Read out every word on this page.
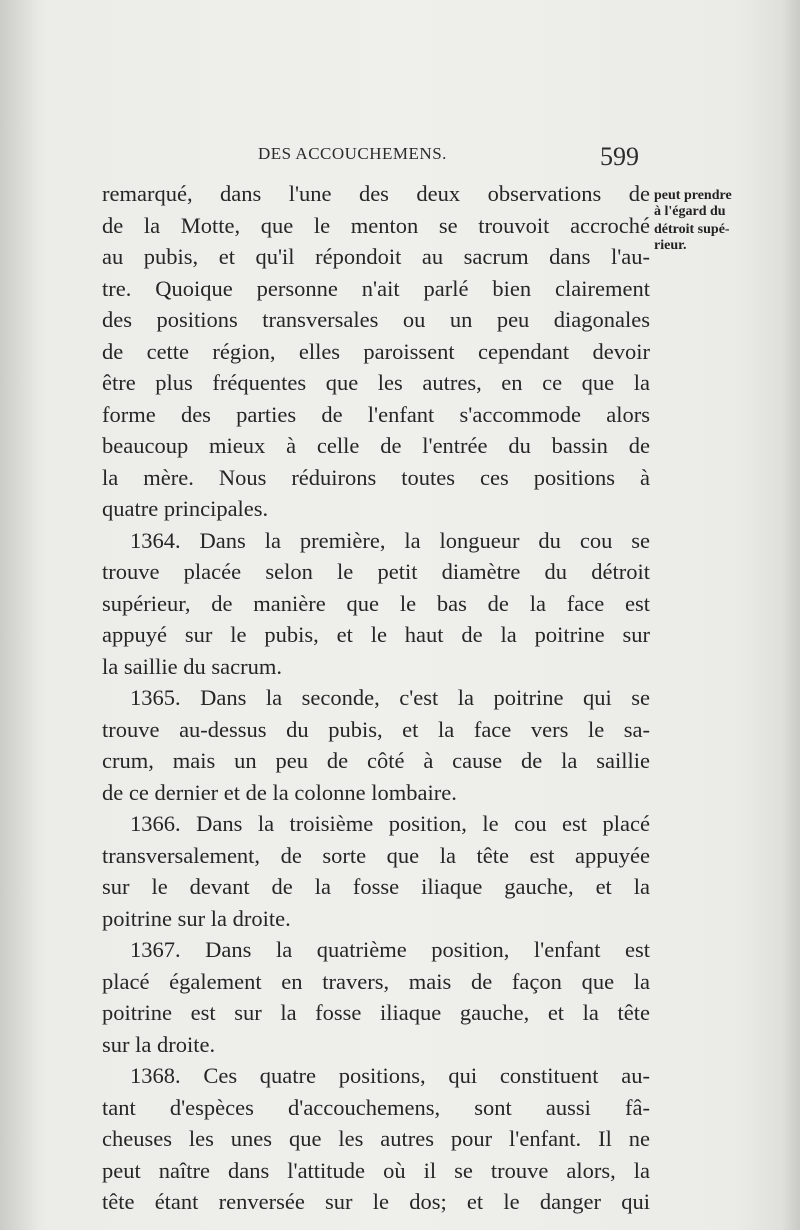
DES ACCOUCHEMENS.	599
remarqué, dans l'une des deux observations de
de la Motte, que le menton se trouvoit accroché
au pubis, et qu'il répondoit au sacrum dans l'au-
tre. Quoique personne n'ait parlé bien clairement
des positions transversales ou un peu diagonales
de cette région, elles paroissent cependant devoir
être plus fréquentes que les autres, en ce que la
forme des parties de l'enfant s'accommode alors
beaucoup mieux à celle de l'entrée du bassin de
la mère. Nous réduirons toutes ces positions à
quatre principales.
1364. Dans la première, la longueur du cou se
trouve placée selon le petit diamètre du détroit
supérieur, de manière que le bas de la face est
appuyé sur le pubis, et le haut de la poitrine sur
la saillie du sacrum.
1365. Dans la seconde, c'est la poitrine qui se
trouve au-dessus du pubis, et la face vers le sa-
crum, mais un peu de côté à cause de la saillie
de ce dernier et de la colonne lombaire.
1366. Dans la troisième position, le cou est placé
transversalement, de sorte que la tête est appuyée
sur le devant de la fosse iliaque gauche, et la
poitrine sur la droite.
1367. Dans la quatrième position, l'enfant est
placé également en travers, mais de façon que la
poitrine est sur la fosse iliaque gauche, et la tête
sur la droite.
1368. Ces quatre positions, qui constituent au-
tant d'espèces d'accouchemens, sont aussi fâ-
cheuses les unes que les autres pour l'enfant. Il ne
peut naître dans l'attitude où il se trouve alors, la
tête étant renversée sur le dos; et le danger qui
peut prendre
à l'égard du
détroit supé-
rieur.
